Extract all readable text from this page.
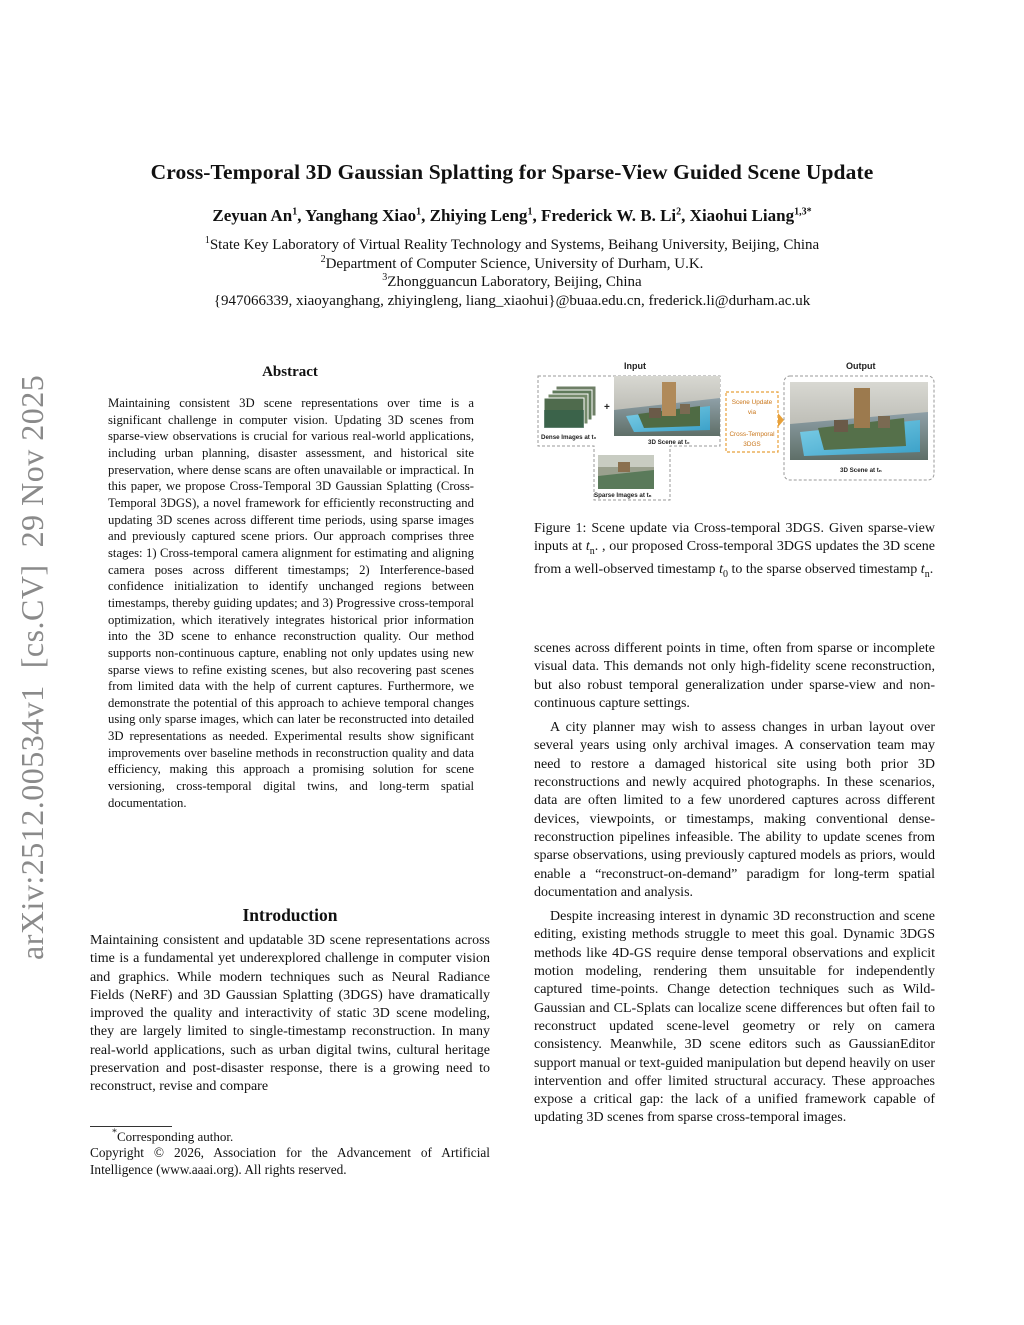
Cross-Temporal 3D Gaussian Splatting for Sparse-View Guided Scene Update
Zeyuan An$^1$, Yanghang Xiao$^1$, Zhiying Leng$^1$, Frederick W. B. Li$^2$, Xiaohui Liang$^{1,3*}$
$^1$State Key Laboratory of Virtual Reality Technology and Systems, Beihang University, Beijing, China
$^2$Department of Computer Science, University of Durham, U.K.
$^3$Zhongguancun Laboratory, Beijing, China
{947066339, xiaoyanghang, zhiyingleng, liang_xiaohui}@buaa.edu.cn, frederick.li@durham.ac.uk
arXiv:2512.00534v1  [cs.CV]  29 Nov 2025
Abstract
Maintaining consistent 3D scene representations over time is a significant challenge in computer vision. Updating 3D scenes from sparse-view observations is crucial for various real-world applications, including urban planning, disaster assessment, and historical site preservation, where dense scans are often unavailable or impractical. In this paper, we propose Cross-Temporal 3D Gaussian Splatting (Cross-Temporal 3DGS), a novel framework for efficiently reconstructing and updating 3D scenes across different time periods, using sparse images and previously captured scene priors. Our approach comprises three stages: 1) Cross-temporal camera alignment for estimating and aligning camera poses across different timestamps; 2) Interference-based confidence initialization to identify unchanged regions between timestamps, thereby guiding updates; and 3) Progressive cross-temporal optimization, which iteratively integrates historical prior information into the 3D scene to enhance reconstruction quality. Our method supports non-continuous capture, enabling not only updates using new sparse views to refine existing scenes, but also recovering past scenes from limited data with the help of current captures. Furthermore, we demonstrate the potential of this approach to achieve temporal changes using only sparse images, which can later be reconstructed into detailed 3D representations as needed. Experimental results show significant improvements over baseline methods in reconstruction quality and data efficiency, making this approach a promising solution for scene versioning, cross-temporal digital twins, and long-term spatial documentation.
Introduction
Maintaining consistent and updatable 3D scene representations across time is a fundamental yet underexplored challenge in computer vision and graphics. While modern techniques such as Neural Radiance Fields (NeRF) and 3D Gaussian Splatting (3DGS) have dramatically improved the quality and interactivity of static 3D scene modeling, they are largely limited to single-timestamp reconstruction. In many real-world applications, such as urban digital twins, cultural heritage preservation and post-disaster response, there is a growing need to reconstruct, revise and compare
*Corresponding author.
Copyright © 2026, Association for the Advancement of Artificial Intelligence (www.aaai.org). All rights reserved.
Input	Output
Dense Images at t₀
+
3D Scene at t₀
Sparse Images at tₙ
Scene Update
via
Cross-Temporal
3DGS
3D Scene at tₙ
Figure 1: Scene update via Cross-temporal 3DGS. Given sparse-view inputs at $t_n$. , our proposed Cross-temporal 3DGS updates the 3D scene from a well-observed timestamp $t_0$ to the sparse observed timestamp $t_n$.

scenes across different points in time, often from sparse or incomplete visual data. This demands not only high-fidelity scene reconstruction, but also robust temporal generalization under sparse-view and non-continuous capture settings.

A city planner may wish to assess changes in urban layout over several years using only archival images. A conservation team may need to restore a damaged historical site using both prior 3D reconstructions and newly acquired photographs. In these scenarios, data are often limited to a few unordered captures across different devices, viewpoints, or timestamps, making conventional dense-reconstruction pipelines infeasible. The ability to update scenes from sparse observations, using previously captured models as priors, would enable a “reconstruct-on-demand” paradigm for long-term spatial documentation and analysis.

Despite increasing interest in dynamic 3D reconstruction and scene editing, existing methods struggle to meet this goal. Dynamic 3DGS methods like 4D-GS require dense temporal observations and explicit motion modeling, rendering them unsuitable for independently captured time-points. Change detection techniques such as Wild-Gaussian and CL-Splats can localize scene differences but often fail to reconstruct updated scene-level geometry or rely on camera consistency. Meanwhile, 3D scene editors such as GaussianEditor support manual or text-guided manipulation but depend heavily on user intervention and offer limited structural accuracy. These approaches expose a critical gap: the lack of a unified framework capable of updating 3D scenes from sparse cross-temporal images.
